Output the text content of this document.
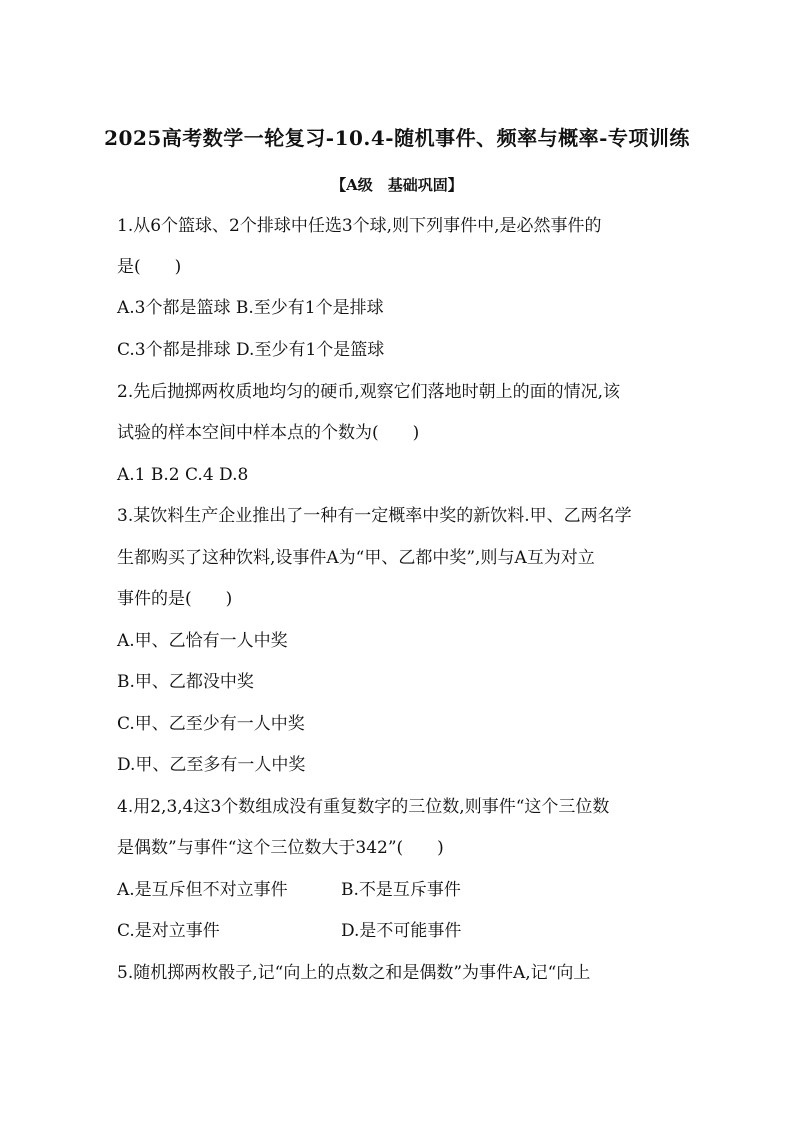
2025高考数学一轮复习-10.4-随机事件、频率与概率-专项训练
【A级　基础巩固】
1.从6个篮球、2个排球中任选3个球,则下列事件中,是必然事件的
是(　　)
A.3个都是篮球 B.至少有1个是排球
C.3个都是排球 D.至少有1个是篮球
2.先后抛掷两枚质地均匀的硬币,观察它们落地时朝上的面的情况,该
试验的样本空间中样本点的个数为(　　)
A.1 B.2 C.4 D.8
3.某饮料生产企业推出了一种有一定概率中奖的新饮料.甲、乙两名学
生都购买了这种饮料,设事件A为“甲、乙都中奖”,则与A互为对立
事件的是(　　)
A.甲、乙恰有一人中奖
B.甲、乙都没中奖
C.甲、乙至少有一人中奖
D.甲、乙至多有一人中奖
4.用2,3,4这3个数组成没有重复数字的三位数,则事件“这个三位数
是偶数”与事件“这个三位数大于342”(　　)
A.是互斥但不对立事件	B.不是互斥事件
C.是对立事件	D.是不可能事件
5.随机掷两枚骰子,记“向上的点数之和是偶数”为事件A,记“向上
